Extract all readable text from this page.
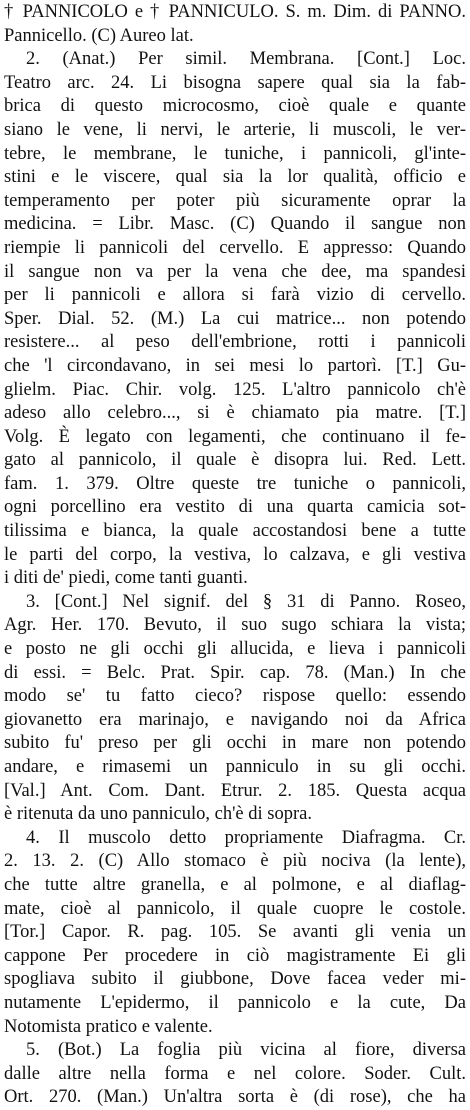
† PANNICOLO e † PANNICULO. S. m. Dim. di PANNO.
Pannicello. (C) Aureo lat.
2. (Anat.) Per simil. Membrana. [Cont.] Loc.
Teatro arc. 24. Li bisogna sapere qual sia la fab-
brica di questo microcosmo, cioè quale e quante
siano le vene, li nervi, le arterie, li muscoli, le ver-
tebre, le membrane, le tuniche, i pannicoli, gl'inte-
stini e le viscere, qual sia la lor qualità, officio e
temperamento per poter più sicuramente oprar la
medicina. = Libr. Masc. (C) Quando il sangue non
riempie li pannicoli del cervello. E appresso: Quando
il sangue non va per la vena che dee, ma spandesi
per li pannicoli e allora si farà vizio di cervello.
Sper. Dial. 52. (M.) La cui matrice... non potendo
resistere... al peso dell'embrione, rotti i pannicoli
che 'l circondavano, in sei mesi lo partorì. [T.] Gu-
glielm. Piac. Chir. volg. 125. L'altro pannicolo ch'è
adeso allo celebro..., si è chiamato pia matre. [T.]
Volg. È legato con legamenti, che continuano il fe-
gato al pannicolo, il quale è disopra lui. Red. Lett.
fam. 1. 379. Oltre queste tre tuniche o pannicoli,
ogni porcellino era vestito di una quarta camicia sot-
tilissima e bianca, la quale accostandosi bene a tutte
le parti del corpo, la vestiva, lo calzava, e gli vestiva
i diti de' piedi, come tanti guanti.
3. [Cont.] Nel signif. del § 31 di Panno. Roseo,
Agr. Her. 170. Bevuto, il suo sugo schiara la vista;
e posto ne gli occhi gli allucida, e lieva i pannicoli
di essi. = Belc. Prat. Spir. cap. 78. (Man.) In che
modo se' tu fatto cieco? rispose quello: essendo
giovanetto era marinajo, e navigando noi da Africa
subito fu' preso per gli occhi in mare non potendo
andare, e rimasemi un panniculo in su gli occhi.
[Val.] Ant. Com. Dant. Etrur. 2. 185. Questa acqua
è ritenuta da uno panniculo, ch'è di sopra.
4. Il muscolo detto propriamente Diafragma. Cr.
2. 13. 2. (C) Allo stomaco è più nociva (la lente),
che tutte altre granella, e al polmone, e al diaflag-
mate, cioè al pannicolo, il quale cuopre le costole.
[Tor.] Capor. R. pag. 105. Se avanti gli venia un
cappone Per procedere in ciò magistramente Ei gli
spogliava subito il giubbone, Dove facea veder mi-
nutamente L'epidermo, il pannicolo e la cute, Da
Notomista pratico e valente.
5. (Bot.) La foglia più vicina al fiore, diversa
dalle altre nella forma e nel colore. Soder. Cult.
Ort. 270. (Man.) Un'altra sorta è (di rose), che ha
